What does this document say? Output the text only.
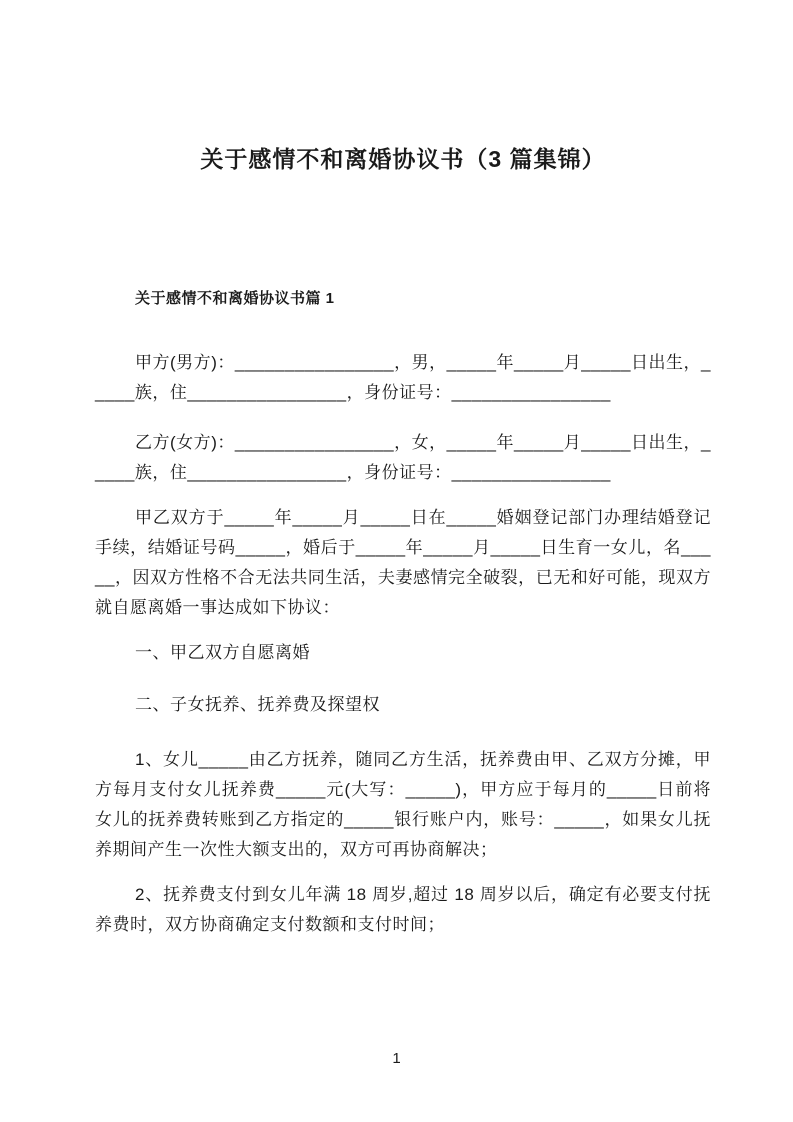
关于感情不和离婚协议书（3 篇集锦）
关于感情不和离婚协议书篇 1

甲方(男方)：________________，男，_____年_____月_____日出生，_____族，住________________，身份证号：________________

乙方(女方)：________________，女，_____年_____月_____日出生，_____族，住________________，身份证号：________________

甲乙双方于_____年_____月_____日在_____婚姻登记部门办理结婚登记手续，结婚证号码_____，婚后于_____年_____月_____日生育一女儿，名_____，因双方性格不合无法共同生活，夫妻感情完全破裂，已无和好可能，现双方就自愿离婚一事达成如下协议：

一、甲乙双方自愿离婚

二、子女抚养、抚养费及探望权

1、女儿_____由乙方抚养，随同乙方生活，抚养费由甲、乙双方分摊，甲方每月支付女儿抚养费_____元(大写：_____)，甲方应于每月的_____日前将女儿的抚养费转账到乙方指定的_____银行账户内，账号：_____，如果女儿抚养期间产生一次性大额支出的，双方可再协商解决；

2、抚养费支付到女儿年满 18 周岁,超过 18 周岁以后，确定有必要支付抚养费时，双方协商确定支付数额和支付时间；

1
